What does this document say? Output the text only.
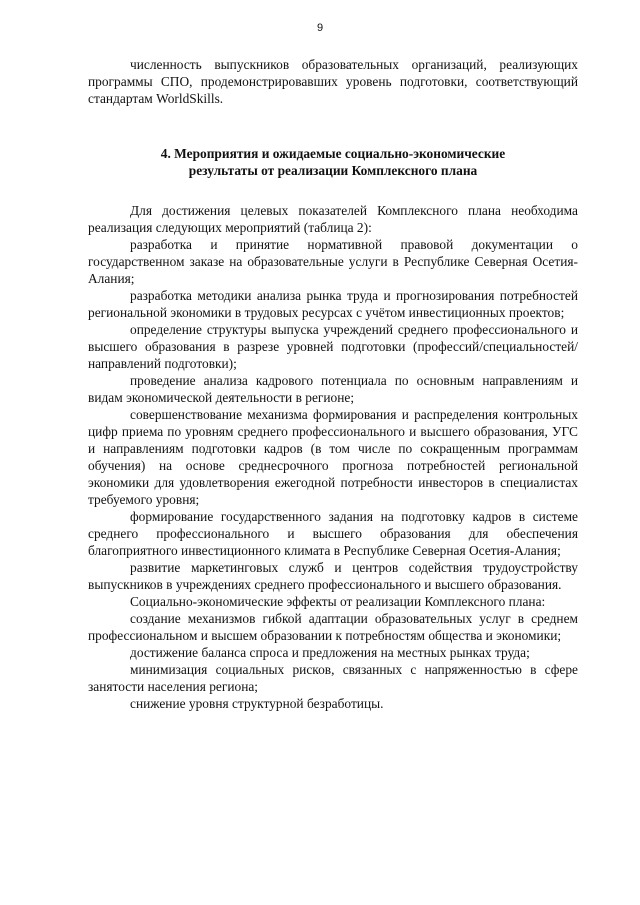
9

численность выпускников образовательных организаций, реализующих программы СПО, продемонстрировавших уровень подготовки, соответствующий стандартам WorldSkills.

4. Мероприятия и ожидаемые социально-экономические
результаты от реализации Комплексного плана

Для достижения целевых показателей Комплексного плана необходима реализация следующих мероприятий (таблица 2):

разработка и принятие нормативной правовой документации о государственном заказе на образовательные услуги в Республике Северная Осетия-Алания;

разработка методики анализа рынка труда и прогнозирования потребностей региональной экономики в трудовых ресурсах с учётом инвестиционных проектов;

определение структуры выпуска учреждений среднего профессионального и высшего образования в разрезе уровней подготовки (профессий/специальностей/направлений подготовки);

проведение анализа кадрового потенциала по основным направлениям и видам экономической деятельности в регионе;

совершенствование механизма формирования и распределения контрольных цифр приема по уровням среднего профессионального и высшего образования, УГС и направлениям подготовки кадров (в том числе по сокращенным программам обучения) на основе среднесрочного прогноза потребностей региональной экономики для удовлетворения ежегодной потребности инвесторов в специалистах требуемого уровня;

формирование государственного задания на подготовку кадров в системе среднего профессионального и высшего образования для обеспечения благоприятного инвестиционного климата в Республике Северная Осетия-Алания;

развитие маркетинговых служб и центров содействия трудоустройству выпускников в учреждениях среднего профессионального и высшего образования.

Социально-экономические эффекты от реализации Комплексного плана:

создание механизмов гибкой адаптации образовательных услуг в среднем профессиональном и высшем образовании к потребностям общества и экономики;

достижение баланса спроса и предложения на местных рынках труда;

минимизация социальных рисков, связанных с напряженностью в сфере занятости населения региона;

снижение уровня структурной безработицы.
